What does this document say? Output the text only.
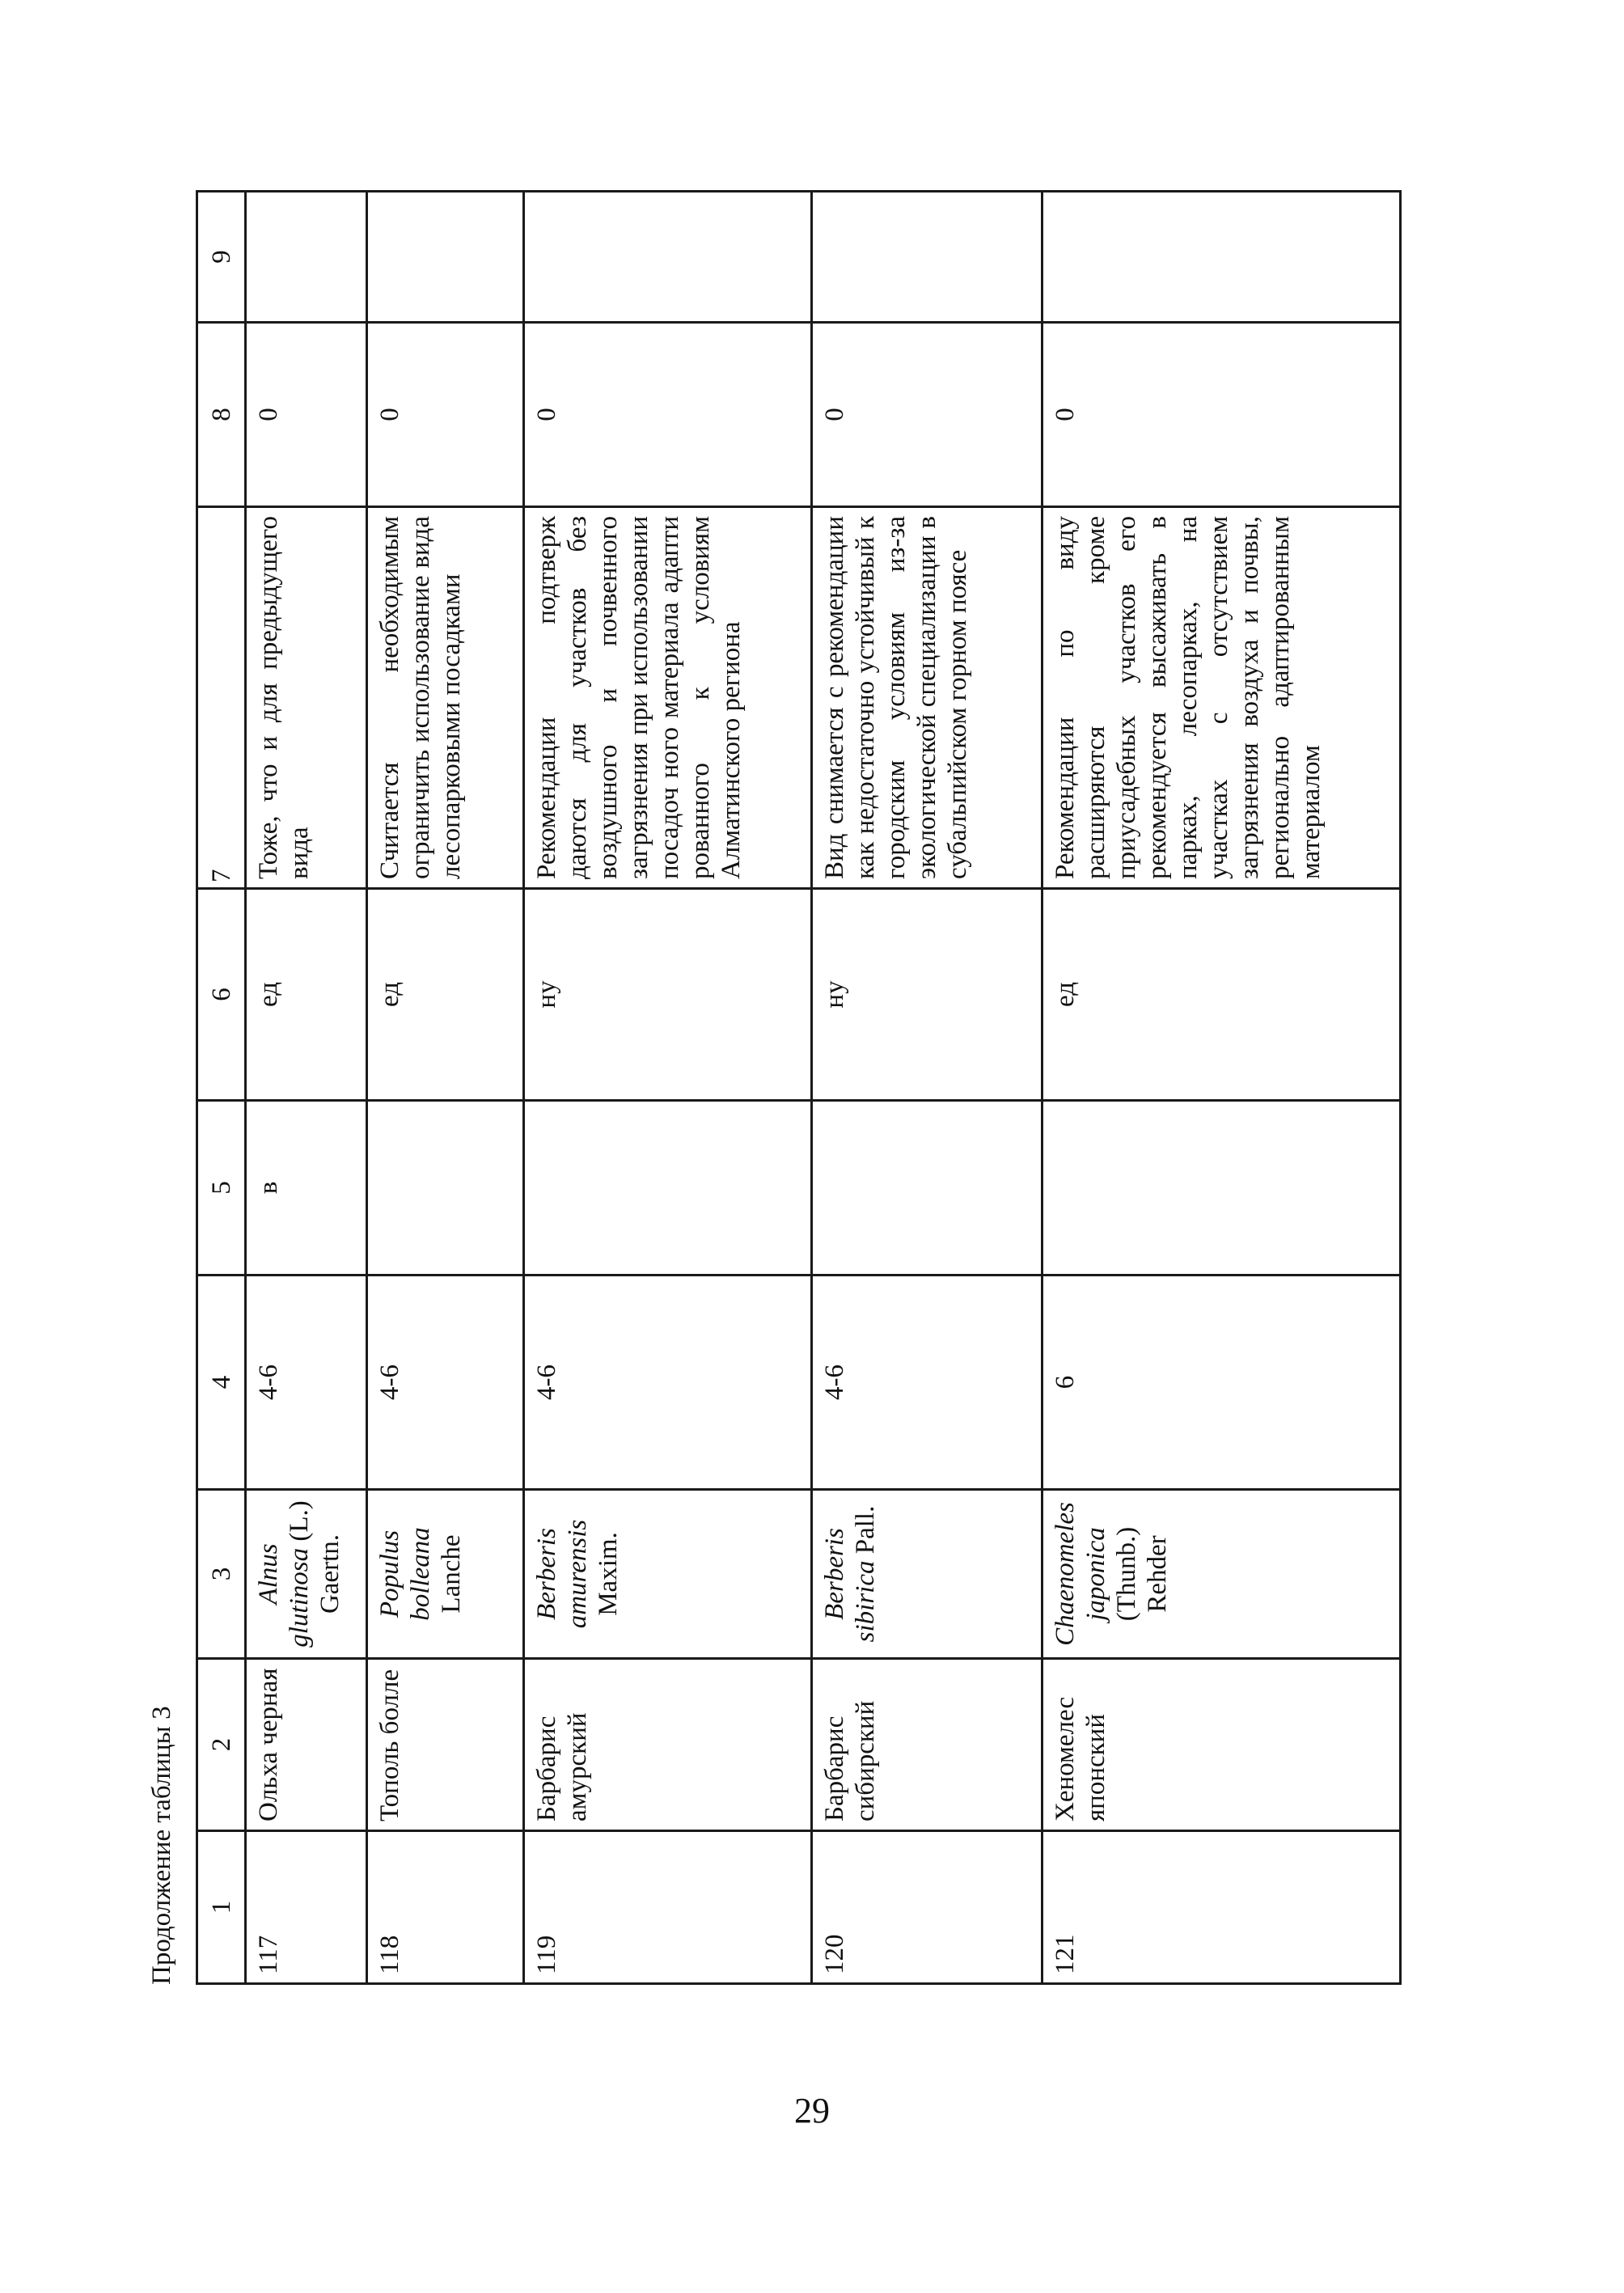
Продолжение таблицы 3 1	2	3	4	5	6	7	8	9
117	Ольха черная	Alnus glutinosa (L.) Gaertn.	4-6	в	ед	Тоже, что и для предыдущего вида	0	
118	Тополь болле	Populus bolleana Lanche	4-6		ед	Считается необходимым ограничить использование вида лесопарковыми посадками	0	
119	Барбарис амурский	Berberis amurensis Maxim.	4-6		ну	Рекомендации подтверж даются для участков без воздушного и почвенного загрязнения при использовании посадоч ного материала адапти рованного к условиям Алматинского региона	0	
120	Барбарис сибирский	Berberis sibirica Pall.	4-6		ну	Вид снимается с рекомендации как недостаточно устойчивый к городским условиям из-за экологической специализации в субальпийском горном поясе	0	
121	Хеномелес японский	Chaenomeles japonica (Thunb.) Rehder	6		ед	Рекомендации по виду расширяются кроме приусадебных участков его рекомендуется высаживать в парках, лесопарках, на участках с отсутствием загрязнения воздуха и почвы, регионально адаптированным материалом	0	
29
